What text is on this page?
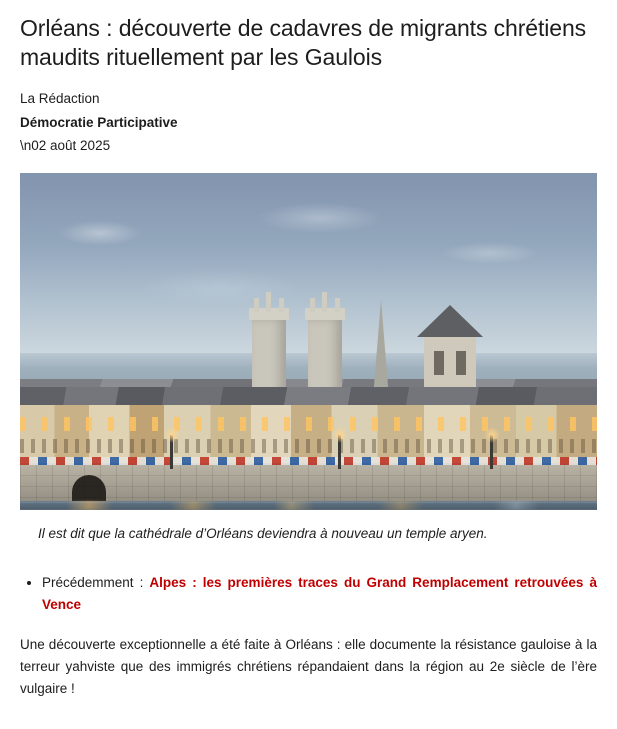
Orléans : découverte de cadavres de migrants chrétiens maudits rituellement par les Gaulois
La Rédaction
Démocratie Participative
\n02 août 2025
Il est dit que la cathédrale d’Orléans deviendra à nouveau un temple aryen.
• Précédemment : Alpes : les premières traces du Grand Remplacement retrouvées à Vence

Une découverte exceptionnelle a été faite à Orléans : elle documente la résistance gauloise à la terreur yahviste que des immigrés chrétiens répandaient dans la région au 2e siècle de l’ère vulgaire !
